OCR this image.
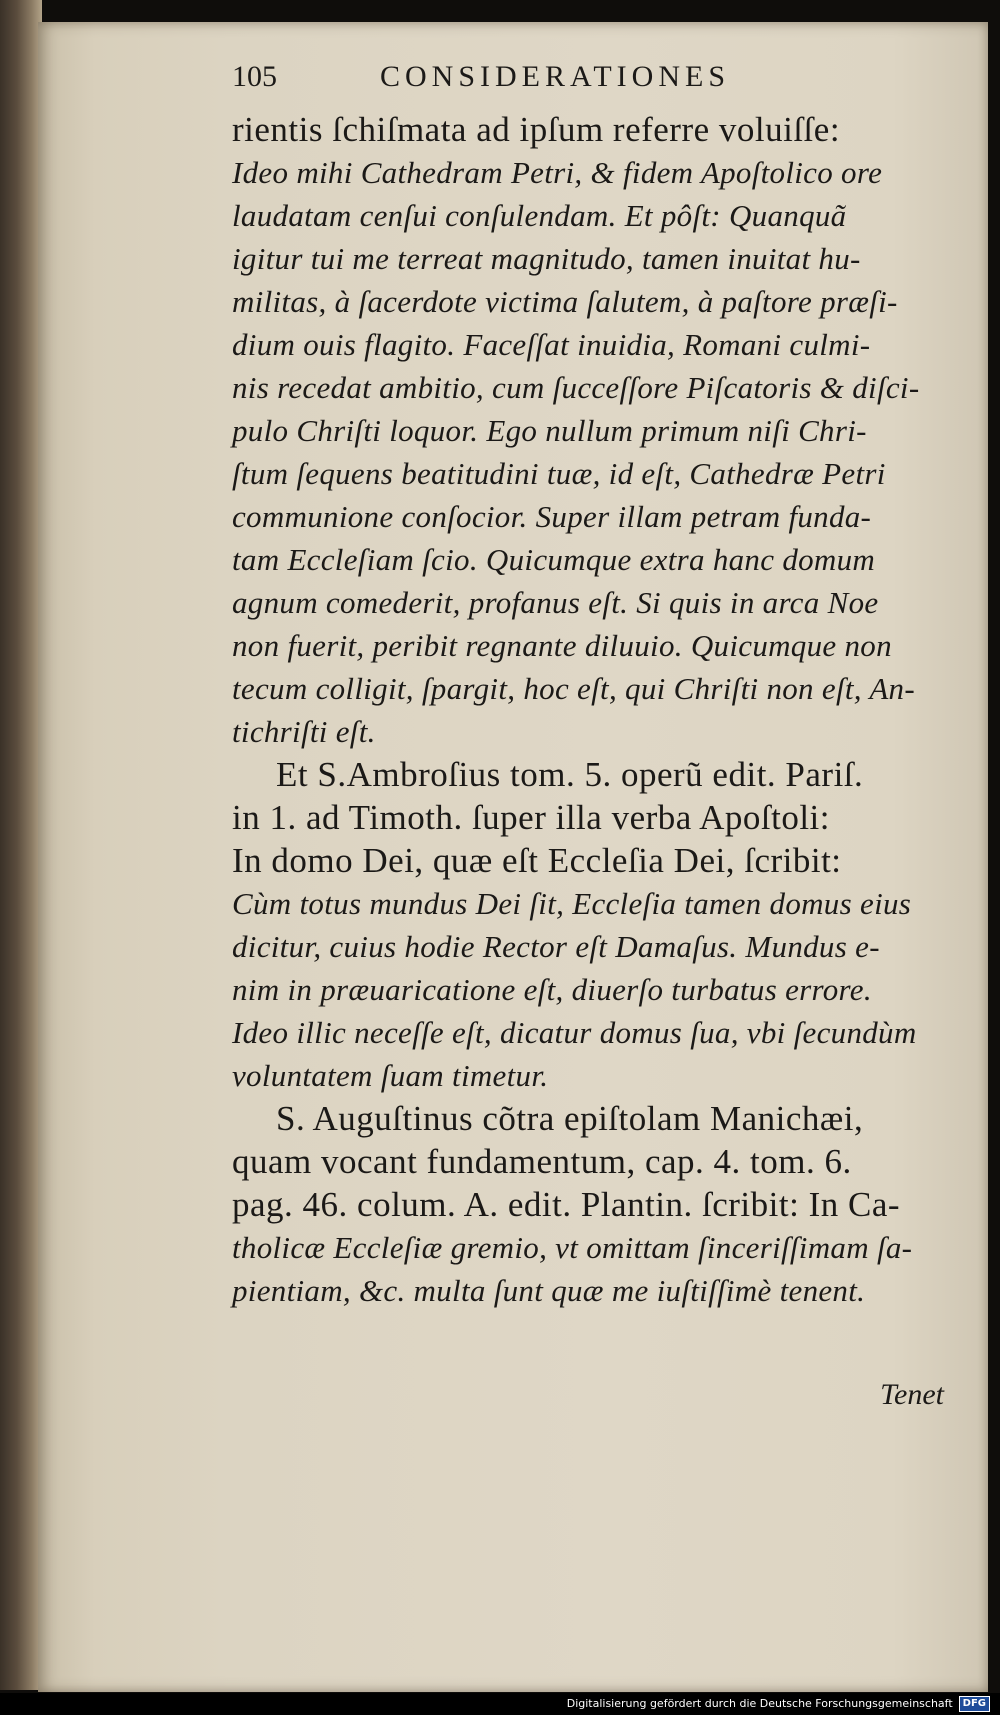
105	CONSIDERATIONES
rientis ſchiſmata ad ipſum referre voluiſſe:
Ideo mihi Cathedram Petri, & fidem Apoſtolico ore
laudatam cenſui conſulendam. Et pôſt: Quanquã
igitur tui me terreat magnitudo, tamen inuitat hu-
militas, à ſacerdote victima ſalutem, à paſtore præſi-
dium ouis flagito. Faceſſat inuidia, Romani culmi-
nis recedat ambitio, cum ſucceſſore Piſcatoris & diſci-
pulo Chriſti loquor. Ego nullum primum niſi Chri-
ſtum ſequens beatitudini tuæ, id eſt, Cathedræ Petri
communione conſocior. Super illam petram funda-
tam Eccleſiam ſcio. Quicumque extra hanc domum
agnum comederit, profanus eſt. Si quis in arca Noe
non fuerit, peribit regnante diluuio. Quicumque non
tecum colligit, ſpargit, hoc eſt, qui Chriſti non eſt, An-
tichriſti eſt.
Et S.Ambroſius tom. 5. operũ edit. Pariſ.
in 1. ad Timoth. ſuper illa verba Apoſtoli:
In domo Dei, quæ eſt Eccleſia Dei, ſcribit:
Cùm totus mundus Dei ſit, Eccleſia tamen domus eius
dicitur, cuius hodie Rector eſt Damaſus. Mundus e-
nim in præuaricatione eſt, diuerſo turbatus errore.
Ideo illic neceſſe eſt, dicatur domus ſua, vbi ſecundùm
voluntatem ſuam timetur.
S. Auguſtinus cõtra epiſtolam Manichæi,
quam vocant fundamentum, cap. 4. tom. 6.
pag. 46. colum. A. edit. Plantin. ſcribit: In Ca-
tholicæ Eccleſiæ gremio, vt omittam ſinceriſſimam ſa-
pientiam, &c. multa ſunt quæ me iuſtiſſimè tenent.
Tenet
Digitalisierung gefördert durch die Deutsche Forschungsgemeinschaft DFG
